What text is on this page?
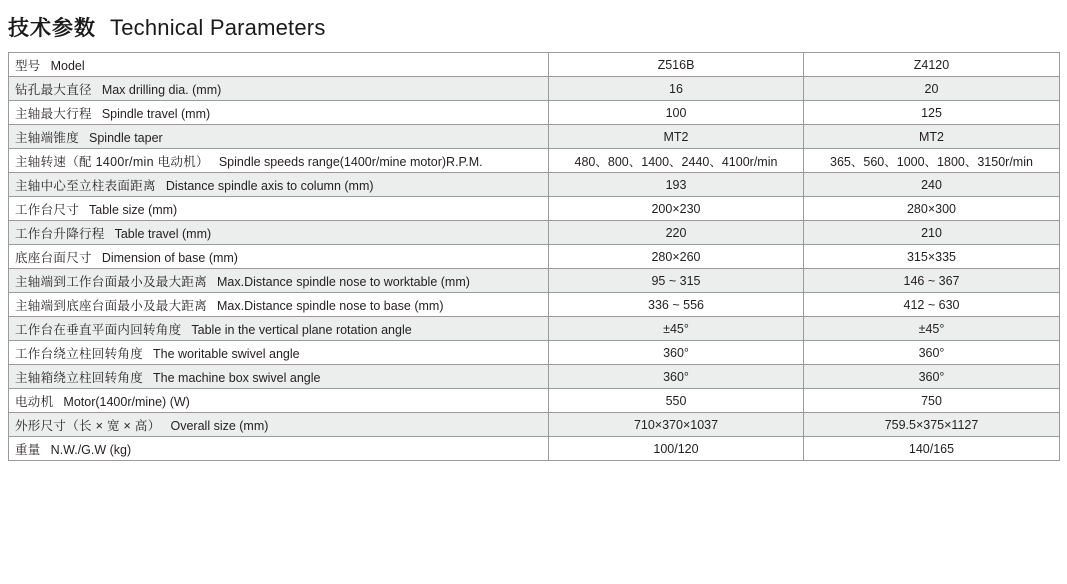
技术参数 Technical Parameters
型号 Model	Z516B	Z4120
钻孔最大直径 Max drilling dia. (mm)	16	20
主轴最大行程 Spindle travel (mm)	100	125
主轴端锥度 Spindle taper	MT2	MT2
主轴转速（配 1400r/min 电动机） Spindle speeds range(1400r/mine motor)R.P.M.	480、800、1400、2440、4100r/min	365、560、1000、1800、3150r/min
主轴中心至立柱表面距离 Distance spindle axis to column (mm)	193	240
工作台尺寸 Table size (mm)	200×230	280×300
工作台升降行程 Table travel (mm)	220	210
底座台面尺寸 Dimension of base (mm)	280×260	315×335
主轴端到工作台面最小及最大距离 Max.Distance spindle nose to worktable (mm)	95 ~ 315	146 ~ 367
主轴端到底座台面最小及最大距离 Max.Distance spindle nose to base (mm)	336 ~ 556	412 ~ 630
工作台在垂直平面内回转角度 Table in the vertical plane rotation angle	±45°	±45°
工作台绕立柱回转角度 The woritable swivel angle	360°	360°
主轴箱绕立柱回转角度 The machine box swivel angle	360°	360°
电动机 Motor(1400r/mine) (W)	550	750
外形尺寸（长 × 宽 × 高） Overall size (mm)	710×370×1037	759.5×375×1127
重量 N.W./G.W (kg)	100/120	140/165
